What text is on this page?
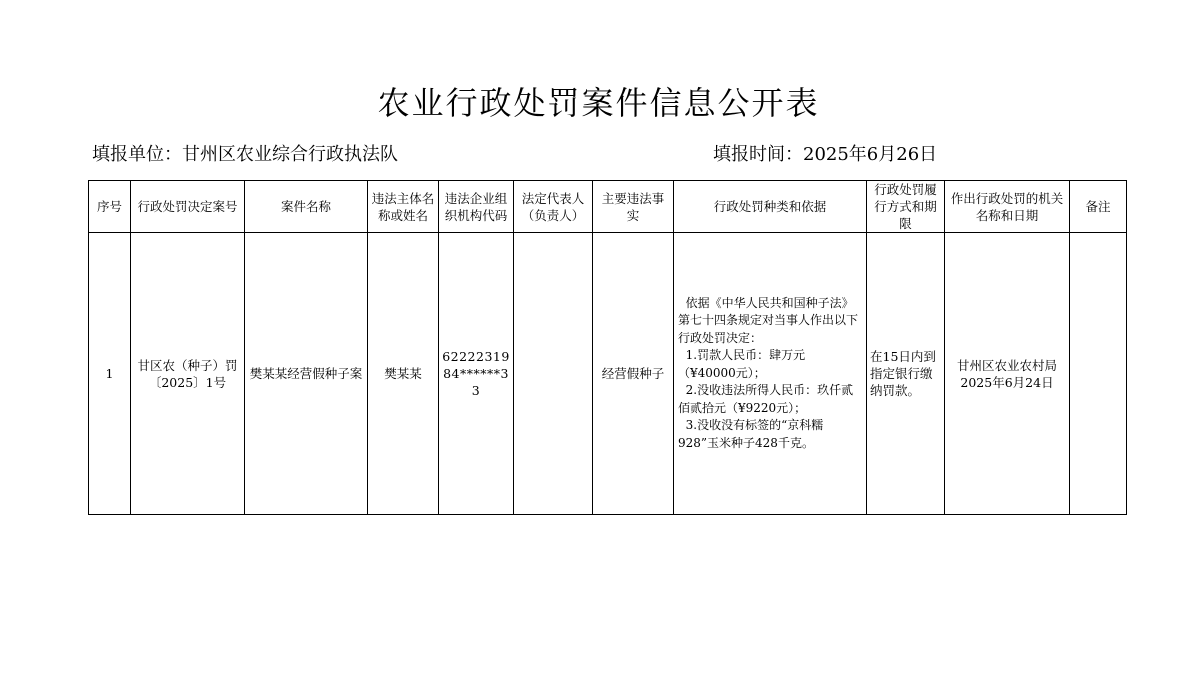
农业行政处罚案件信息公开表
填报单位：甘州区农业综合行政执法队	填报时间：2025年6月26日
序号	行政处罚决定案号	案件名称	违法主体名称或姓名	违法企业组织机构代码	法定代表人（负责人）	主要违法事实	行政处罚种类和依据	行政处罚履行方式和期限	作出行政处罚的机关名称和日期	备注
1	甘区农（种子）罚〔2025〕1号	樊某某经营假种子案	樊某某	6222231984******33		经营假种子	依据《中华人民共和国种子法》第七十四条规定对当事人作出以下行政处罚决定：
1.罚款人民币：肆万元（¥40000元）；
2.没收违法所得人民币：玖仟贰佰贰拾元（¥9220元）；
3.没收没有标签的“京科糯928”玉米种子428千克。	在15日内到指定银行缴纳罚款。	甘州区农业农村局2025年6月24日	
